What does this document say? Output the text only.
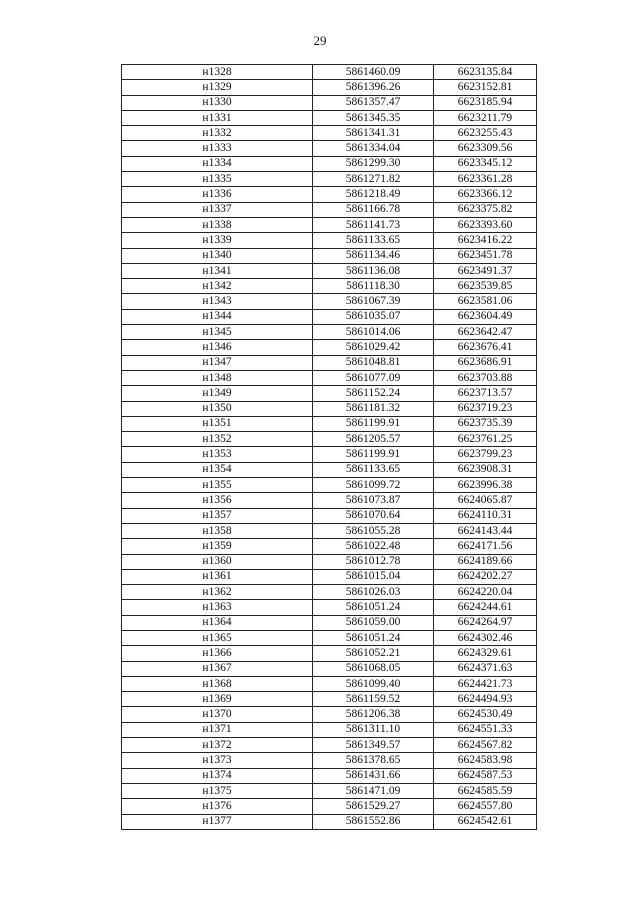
29
н1328	5861460.09	6623135.84
н1329	5861396.26	6623152.81
н1330	5861357.47	6623185.94
н1331	5861345.35	6623211.79
н1332	5861341.31	6623255.43
н1333	5861334.04	6623309.56
н1334	5861299.30	6623345.12
н1335	5861271.82	6623361.28
н1336	5861218.49	6623366.12
н1337	5861166.78	6623375.82
н1338	5861141.73	6623393.60
н1339	5861133.65	6623416.22
н1340	5861134.46	6623451.78
н1341	5861136.08	6623491.37
н1342	5861118.30	6623539.85
н1343	5861067.39	6623581.06
н1344	5861035.07	6623604.49
н1345	5861014.06	6623642.47
н1346	5861029.42	6623676.41
н1347	5861048.81	6623686.91
н1348	5861077.09	6623703.88
н1349	5861152.24	6623713.57
н1350	5861181.32	6623719.23
н1351	5861199.91	6623735.39
н1352	5861205.57	6623761.25
н1353	5861199.91	6623799.23
н1354	5861133.65	6623908.31
н1355	5861099.72	6623996.38
н1356	5861073.87	6624065.87
н1357	5861070.64	6624110.31
н1358	5861055.28	6624143.44
н1359	5861022.48	6624171.56
н1360	5861012.78	6624189.66
н1361	5861015.04	6624202.27
н1362	5861026.03	6624220.04
н1363	5861051.24	6624244.61
н1364	5861059.00	6624264.97
н1365	5861051.24	6624302.46
н1366	5861052.21	6624329.61
н1367	5861068.05	6624371.63
н1368	5861099.40	6624421.73
н1369	5861159.52	6624494.93
н1370	5861206.38	6624530.49
н1371	5861311.10	6624551.33
н1372	5861349.57	6624567.82
н1373	5861378.65	6624583.98
н1374	5861431.66	6624587.53
н1375	5861471.09	6624585.59
н1376	5861529.27	6624557.80
н1377	5861552.86	6624542.61
